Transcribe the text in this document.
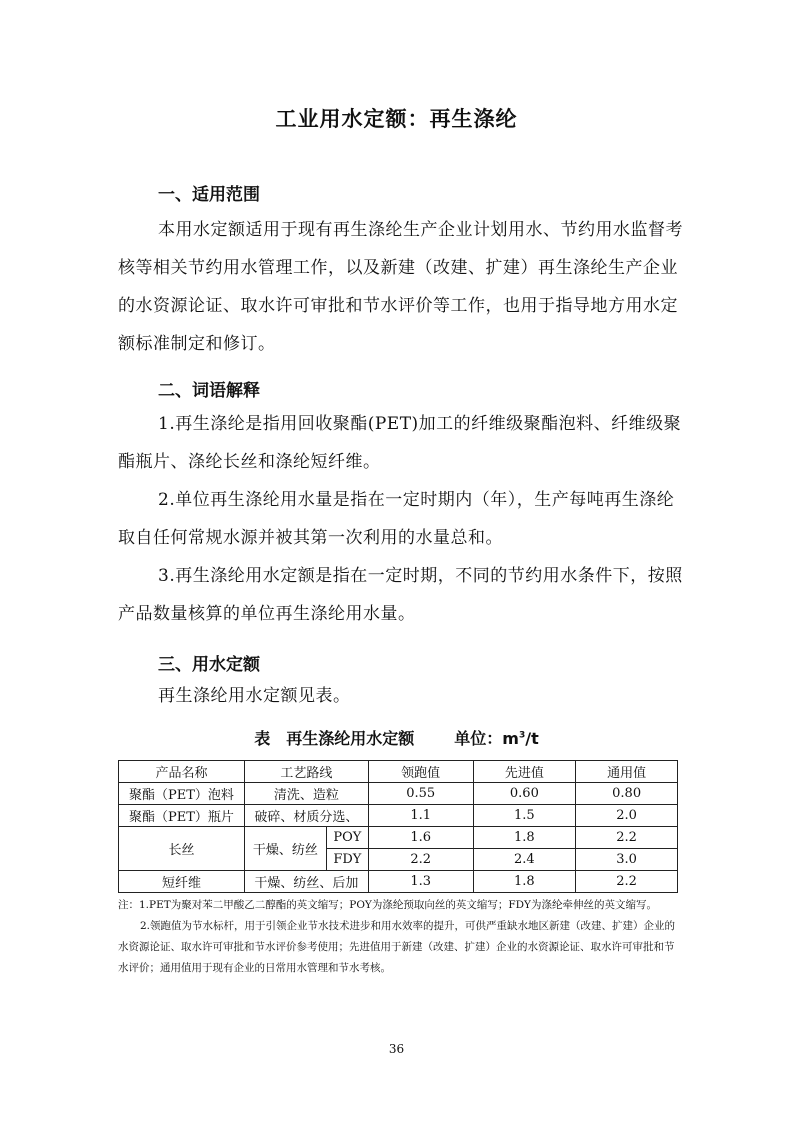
工业用水定额：再生涤纶
一、适用范围
本用水定额适用于现有再生涤纶生产企业计划用水、节约用水监督考核等相关节约用水管理工作，以及新建（改建、扩建）再生涤纶生产企业的水资源论证、取水许可审批和节水评价等工作，也用于指导地方用水定额标准制定和修订。
二、词语解释
1.再生涤纶是指用回收聚酯(PET)加工的纤维级聚酯泡料、纤维级聚酯瓶片、涤纶长丝和涤纶短纤维。
2.单位再生涤纶用水量是指在一定时期内（年），生产每吨再生涤纶取自任何常规水源并被其第一次利用的水量总和。
3.再生涤纶用水定额是指在一定时期，不同的节约用水条件下，按照产品数量核算的单位再生涤纶用水量。
三、用水定额
再生涤纶用水定额见表。
表　再生涤纶用水定额	单位：$m^3/t$
产品名称	工艺路线		领跑值	先进值	通用值
聚酯（PET）泡料	清洗、造粒		0.55	0.60	0.80
聚酯（PET）瓶片	破碎、材质分选、		1.1	1.5	2.0
长丝	干燥、纺丝	POY	1.6	1.8	2.2
		FDY	2.2	2.4	3.0
短纤维	干燥、纺丝、后加		1.3	1.8	2.2

注：1.PET为聚对苯二甲酸乙二醇酯的英文缩写；POY为涤纶预取向丝的英文缩写；FDY为涤纶牵伸丝的英文缩写。

2.领跑值为节水标杆，用于引领企业节水技术进步和用水效率的提升，可供严重缺水地区新建（改建、扩建）企业的水资源论证、取水许可审批和节水评价参考使用；先进值用于新建（改建、扩建）企业的水资源论证、取水许可审批和节水评价；通用值用于现有企业的日常用水管理和节水考核。

36
